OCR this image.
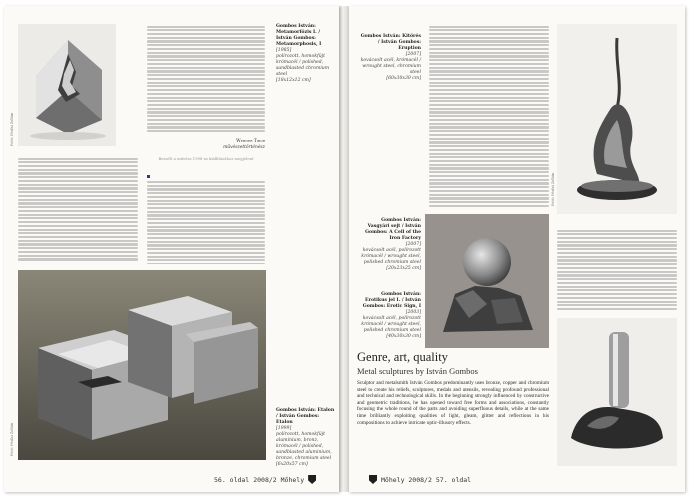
Fotó: Pósfai Zoltán	Wehner Tibor
művészettörténész
Beszélt a művész 1998-as kiállításához megjelent
Gombos István: Metamorfózis I. / István Gombos: Metamorphosis, I
[1985]
polírozott, homokfújt krómacél / polished, sandblasted chromium steel
[18x12x12 cm]
Fotó: Pósfai Zoltán
Gombos István: Etalon / István Gombos: Etalon
[1999]
polírozott, homokfújt alumínium, bronz, krómacél / polished, sandblasted aluminium, bronze, chromium steel
[6x20x57 cm]
56. oldal 2008/2 Mőhely
Gombos István: Kitörés / István Gombos: Eruption
[2007]
kovácsolt acél, krómacél / wrought steel, chromium steel
[60x30x30 cm]
Gombos István: Vasgyári sejt / István Gombos: A Cell of the Iron Factory
[2007]
kovácsolt acél, polírozott krómacél / wrought steel, polished chromium steel
[20x23x25 cm]
Gombos István: Erotikus jel I. / István Gombos: Erotic Sign, I
[2003]
kovácsolt acél, polírozott krómacél / wrought steel, polished chromium steel
[40x30x30 cm]
Fotó: Pósfai Zoltán
Genre, art, quality
Metal sculptures by István Gombos
Sculptor and metalsmith István Gombos predominantly uses bronze, copper and chromium steel to create his reliefs, sculptures, medals and utensils, revealing profound professional and technical and technological skills. In the beginning strongly influenced by constructive and geometric traditions, he has opened toward free forms and associations, constantly focusing the whole round of the parts and avoiding superfluous details, while at the same time brilliantly exploiting qualities of light, gleam, glitter and reflections in his compositions to achieve intricate optic-illusory effects.
Mőhely 2008/2 57. oldal
